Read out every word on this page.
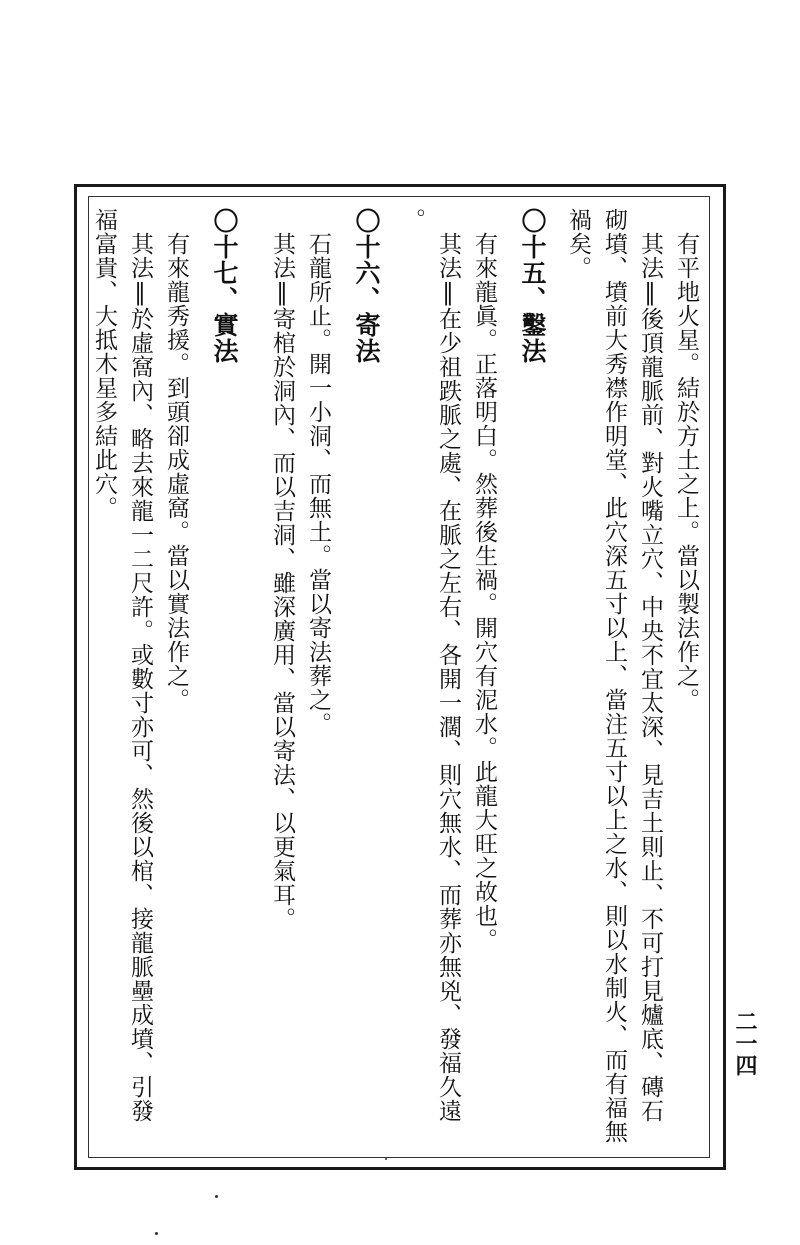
有平地火星。結於方土之上。當以製法作之。
其法‖後頂龍脈前、對火嘴立穴、中央不宜太深、見吉土則止、不可打見爐底、磚石
砌墳、墳前大秀襟作明堂、此穴深五寸以上、當注五寸以上之水、則以水制火、而有福無
禍矣。
〇十五、鑿法
有來龍眞。正落明白。然葬後生禍。開穴有泥水。此龍大旺之故也。
其法‖在少祖跌脈之處、在脈之左右、各開一濶、則穴無水、而葬亦無兇、發福久遠
。
〇十六、寄法
石龍所止。開一小洞、而無土。當以寄法葬之。
其法‖寄棺於洞內、而以吉洞、雖深廣用、當以寄法、以更氣耳。
〇十七、實法
有來龍秀援。到頭卻成虛窩。當以實法作之。
其法‖於虛窩內、略去來龍一二尺許。或數寸亦可、然後以棺、接龍脈壘成墳、引發
福富貴、大抵木星多結此穴。
二一四
